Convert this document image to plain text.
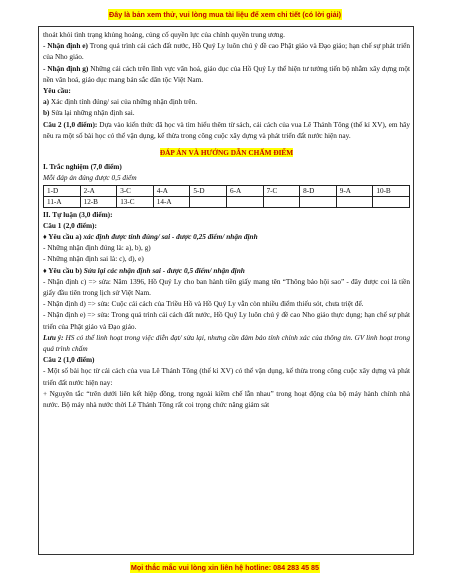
Đây là bản xem thử, vui lòng mua tài liệu để xem chi tiết (có lời giải)

thoát khỏi tình trạng khủng hoảng, củng cố quyền lực của chính quyền trung ương.

- Nhận định e) Trong quá trình cải cách đất nước, Hồ Quý Ly luôn chú ý đề cao Phật giáo và Đạo giáo; hạn chế sự phát triển của Nho giáo.

- Nhận định g) Những cải cách trên lĩnh vực văn hoá, giáo dục của Hồ Quý Ly thể hiện tư tưởng tiến bộ nhằm xây dựng một nền văn hoá, giáo dục mang bản sắc dân tộc Việt Nam.

Yêu cầu:

a) Xác định tính đúng/ sai của những nhận định trên.

b) Sửa lại những nhận định sai.

Câu 2 (1,0 điểm): Dựa vào kiến thức đã học và tìm hiểu thêm từ sách, cải cách của vua Lê Thánh Tông (thế kỉ XV), em hãy nêu ra một số bài học có thể vận dụng, kế thừa trong công cuộc xây dựng và phát triển đất nước hiện nay.

ĐÁP ÁN VÀ HƯỚNG DẪN CHẤM ĐIỂM

I. Trắc nghiệm (7,0 điểm)

Mỗi đáp án đúng được 0,5 điểm

1-D	2-A	3-C	4-A	5-D	6-A	7-C	8-D	9-A	10-B
11-A	12-B	13-C	14-A						

II. Tự luận (3,0 điểm):

Câu 1 (2,0 điểm):

♦ Yêu cầu a) xác định được tính đúng/ sai - được 0,25 điểm/ nhận định

- Những nhận định đúng là: a), b), g)

- Những nhận định sai là: c), d), e)

♦ Yêu cầu b) Sửa lại các nhận định sai - được 0,5 điểm/ nhận định

- Nhận định c) => sửa: Năm 1396, Hồ Quý Ly cho ban hành tiền giấy mang tên “Thông bảo hội sao” - đây được coi là tiền giấy đầu tiên trong lịch sử Việt Nam.

- Nhận định d) => sửa: Cuộc cải cách của Triều Hồ và Hồ Quý Ly vẫn còn nhiều điểm thiếu sót, chưa triệt để.

- Nhận định e) => sửa: Trong quá trình cải cách đất nước, Hồ Quý Ly luôn chú ý đề cao Nho giáo thực dụng; hạn chế sự phát triển của Phật giáo và Đạo giáo.

Lưu ý: HS có thể linh hoạt trong việc diễn đạt/ sửa lại, nhưng cần đảm bảo tính chính xác của thông tin. GV linh hoạt trong quá trình chấm

Câu 2 (1,0 điểm)

- Một số bài học từ cải cách của vua Lê Thánh Tông (thế kỉ XV) có thể vận dụng, kế thừa trong công cuộc xây dựng và phát triển đất nước hiện nay:

+ Nguyên tắc “trên dưới liên kết hiệp đồng, trong ngoài kiềm chế lẫn nhau” trong hoạt động của bộ máy hành chính nhà nước. Bộ máy nhà nước thời Lê Thánh Tông rất coi trọng chức năng giám sát

Mọi thắc mắc vui lòng xin liên hệ hotline: 084 283 45 85
